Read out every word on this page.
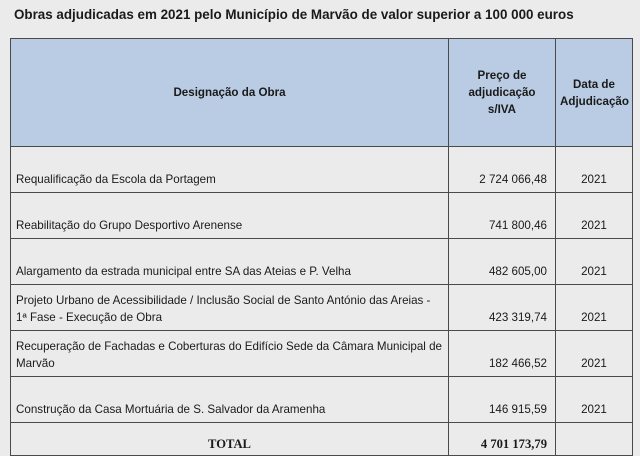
Obras adjudicadas em 2021 pelo Município de Marvão de valor superior a 100 000 euros
Designação da Obra	Preço de adjudicação s/IVA	Data de Adjudicação
Requalificação da Escola da Portagem	2 724 066,48	2021
Reabilitação do Grupo Desportivo Arenense	741 800,46	2021
Alargamento da estrada municipal entre SA das Ateias e P. Velha	482 605,00	2021
Projeto Urbano de Acessibilidade / Inclusão Social de Santo António das Areias - 1ª Fase - Execução de Obra	423 319,74	2021
Recuperação de Fachadas e Coberturas do Edifício Sede da Câmara Municipal de Marvão	182 466,52	2021
Construção da Casa Mortuária de S. Salvador da Aramenha	146 915,59	2021
TOTAL	4 701 173,79	
